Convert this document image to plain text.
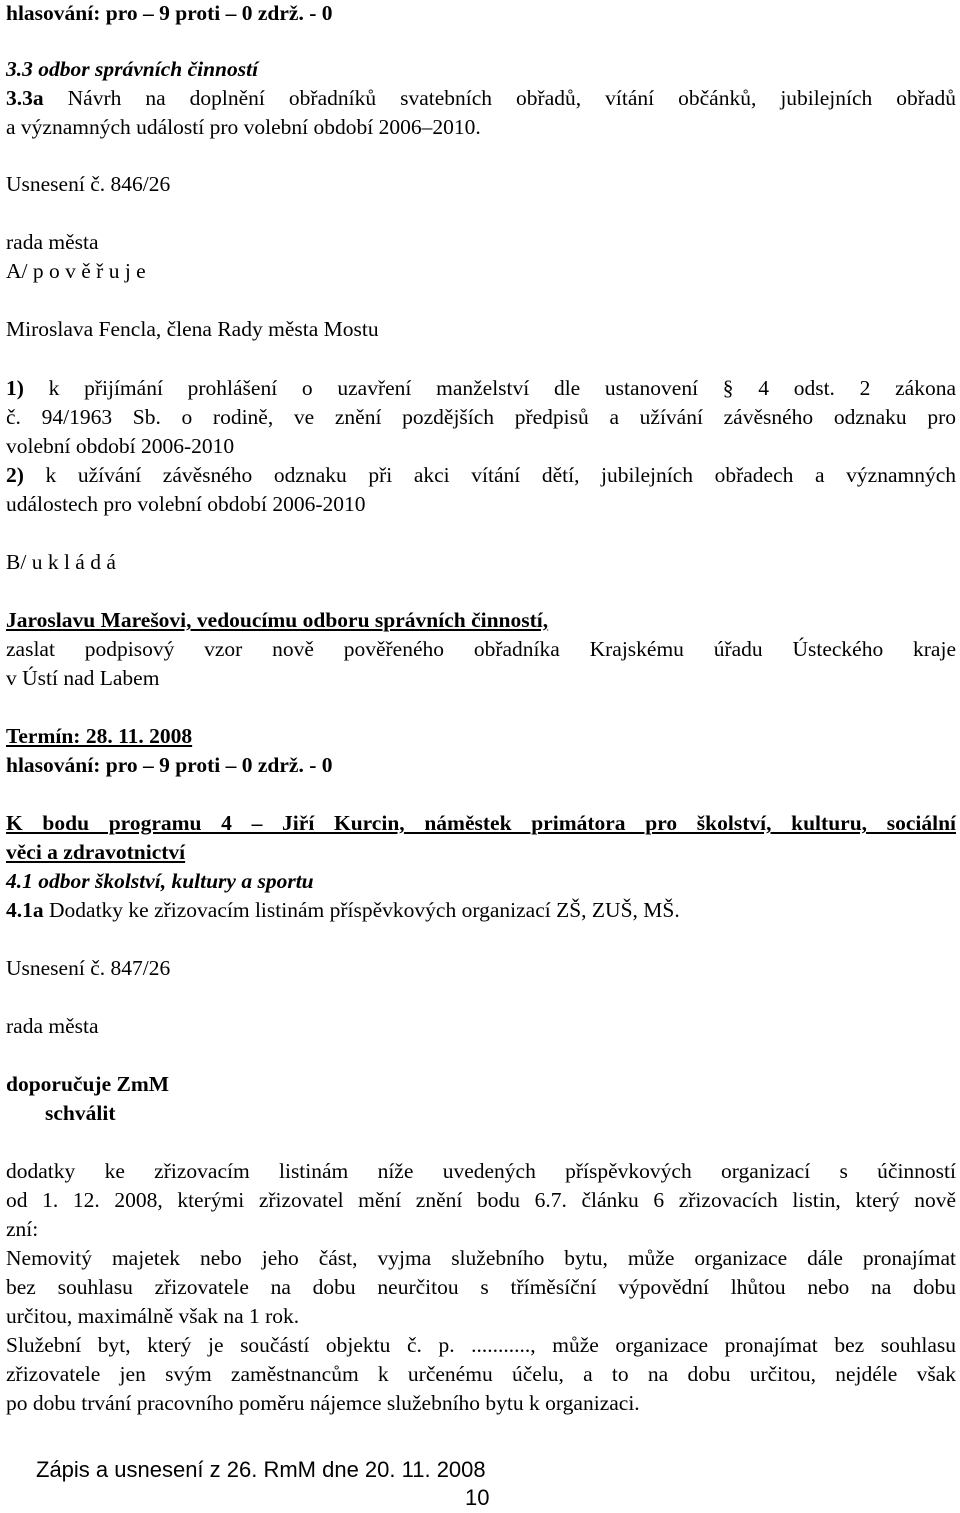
hlasování: pro – 9 proti – 0 zdrž. - 0
3.3 odbor správních činností
3.3a Návrh na doplnění obřadníků svatebních obřadů, vítání občánků, jubilejních obřadů
a významných událostí pro volební období 2006–2010.
Usnesení č. 846/26
rada města
A/ p o v ě ř u j e
Miroslava Fencla, člena Rady města Mostu
1) k přijímání prohlášení o uzavření manželství dle ustanovení § 4 odst. 2 zákona
č. 94/1963 Sb. o rodině, ve znění pozdějších předpisů a užívání závěsného odznaku pro
volební období 2006-2010
2) k užívání závěsného odznaku při akci vítání dětí, jubilejních obřadech a významných
událostech pro volební období 2006-2010
B/ u k l á d á
Jaroslavu Marešovi, vedoucímu odboru správních činností,
zaslat podpisový vzor nově pověřeného obřadníka Krajskému úřadu Ústeckého kraje
v Ústí nad Labem
Termín: 28. 11. 2008
hlasování: pro – 9 proti – 0 zdrž. - 0
K bodu programu 4 – Jiří Kurcin, náměstek primátora pro školství, kulturu, sociální
věci a zdravotnictví
4.1 odbor školství, kultury a sportu
4.1a Dodatky ke zřizovacím listinám příspěvkových organizací ZŠ, ZUŠ, MŠ.
Usnesení č. 847/26
rada města
doporučuje ZmM
schválit
dodatky ke zřizovacím listinám níže uvedených příspěvkových organizací s účinností
od 1. 12. 2008, kterými zřizovatel mění znění bodu 6.7. článku 6 zřizovacích listin, který nově
zní:
Nemovitý majetek nebo jeho část, vyjma služebního bytu, může organizace dále pronajímat
bez souhlasu zřizovatele na dobu neurčitou s tříměsíční výpovědní lhůtou nebo na dobu
určitou, maximálně však na 1 rok.
Služební byt, který je součástí objektu č. p. ..........., může organizace pronajímat bez souhlasu
zřizovatele jen svým zaměstnancům k určenému účelu, a to na dobu určitou, nejdéle však
po dobu trvání pracovního poměru nájemce služebního bytu k organizaci.
Zápis a usnesení z 26. RmM dne 20. 11. 2008
10
